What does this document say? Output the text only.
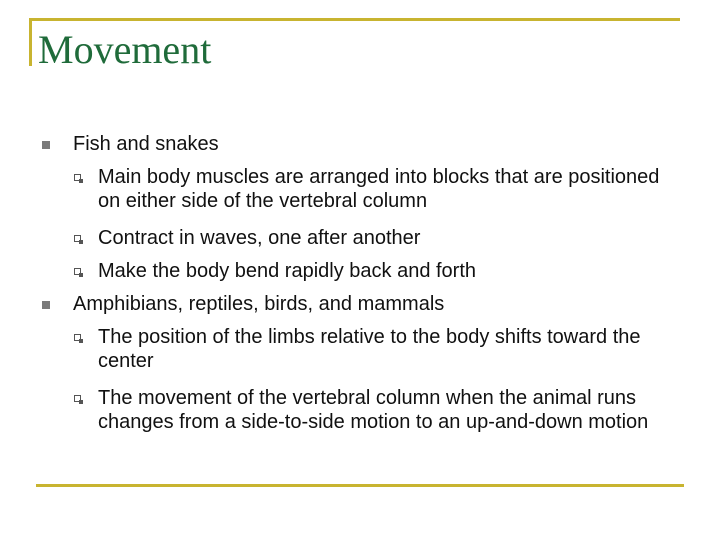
Movement
Fish and snakes
Main body muscles are arranged into blocks that are positioned on either side of the vertebral column
Contract in waves, one after another
Make the body bend rapidly back and forth
Amphibians, reptiles, birds, and mammals
The position of the limbs relative to the body shifts toward the center
The movement of the vertebral column when the animal runs changes from a side-to-side motion to an up-and-down motion
